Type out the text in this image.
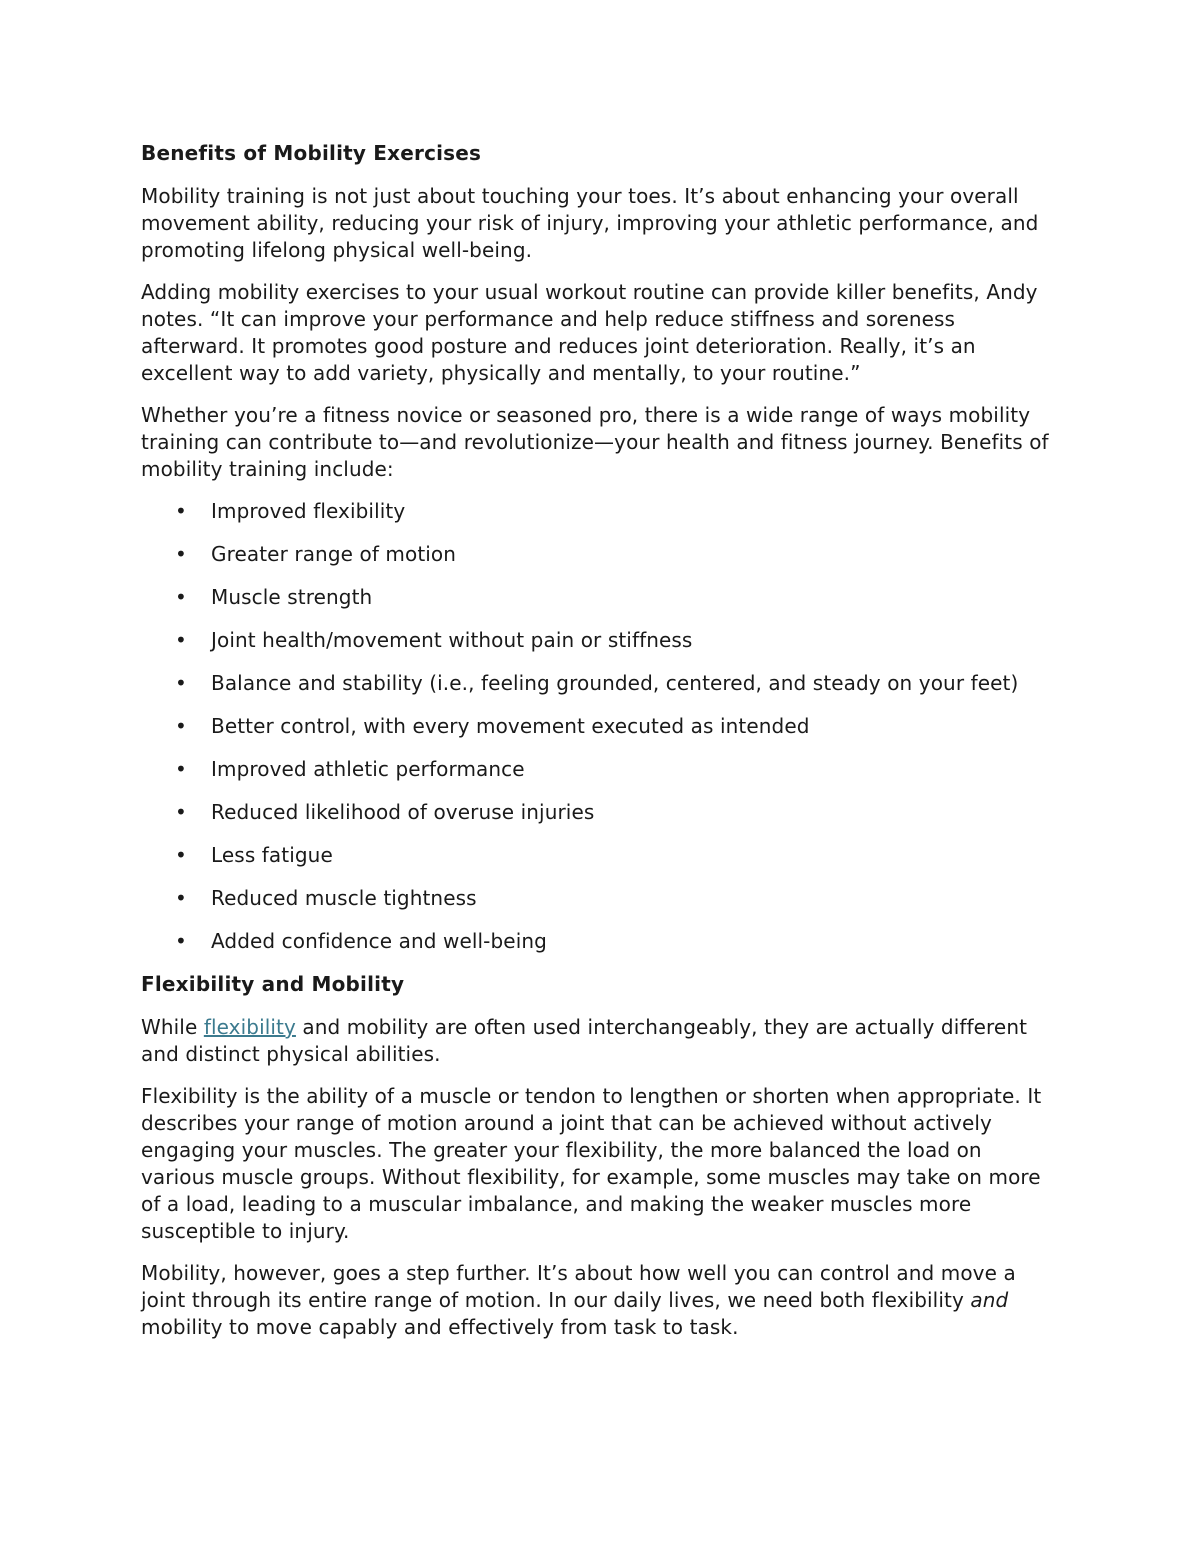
Benefits of Mobility Exercises

Mobility training is not just about touching your toes. It’s about enhancing your overall movement ability, reducing your risk of injury, improving your athletic performance, and promoting lifelong physical well-being.

Adding mobility exercises to your usual workout routine can provide killer benefits, Andy notes. “It can improve your performance and help reduce stiffness and soreness afterward. It promotes good posture and reduces joint deterioration. Really, it’s an excellent way to add variety, physically and mentally, to your routine.”

Whether you’re a fitness novice or seasoned pro, there is a wide range of ways mobility training can contribute to—and revolutionize—your health and fitness journey. Benefits of mobility training include:

• Improved flexibility
• Greater range of motion
• Muscle strength
• Joint health/movement without pain or stiffness
• Balance and stability (i.e., feeling grounded, centered, and steady on your feet)
• Better control, with every movement executed as intended
• Improved athletic performance
• Reduced likelihood of overuse injuries
• Less fatigue
• Reduced muscle tightness
• Added confidence and well-being
Flexibility and Mobility

While flexibility and mobility are often used interchangeably, they are actually different and distinct physical abilities.

Flexibility is the ability of a muscle or tendon to lengthen or shorten when appropriate. It describes your range of motion around a joint that can be achieved without actively engaging your muscles. The greater your flexibility, the more balanced the load on various muscle groups. Without flexibility, for example, some muscles may take on more of a load, leading to a muscular imbalance, and making the weaker muscles more susceptible to injury.

Mobility, however, goes a step further. It’s about how well you can control and move a joint through its entire range of motion. In our daily lives, we need both flexibility and mobility to move capably and effectively from task to task.
